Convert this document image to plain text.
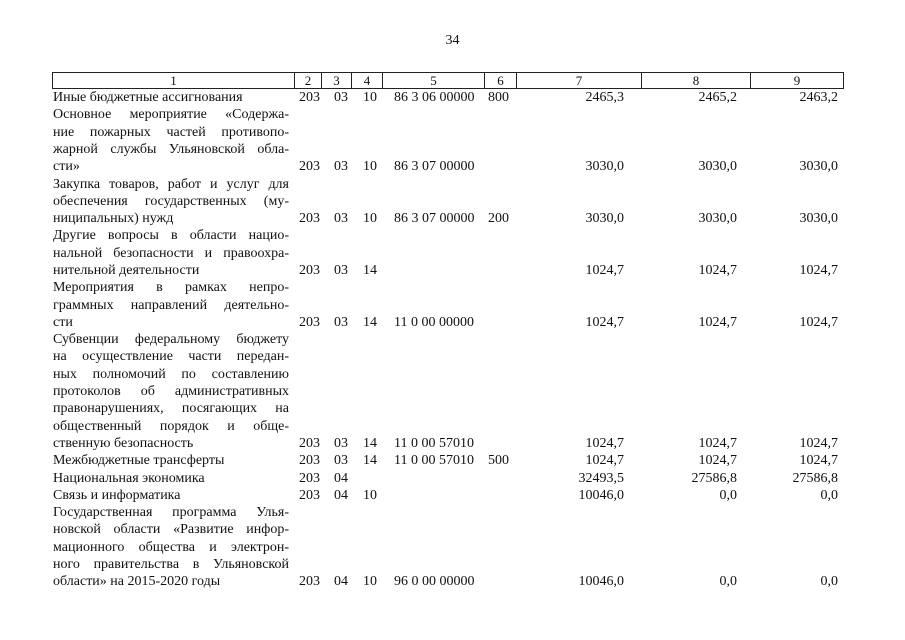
34
1	2	3	4	5	6	7	8	9
Иные бюджетные ассигнования	203 03 10 86 3 06 00000 800	2465,3	2465,2	2463,2
Основное мероприятие «Содержа-
ние пожарных частей противопо-
жарной службы Ульяновской обла-
сти»	203 03 10 86 3 07 00000	3030,0	3030,0	3030,0
Закупка товаров, работ и услуг для
обеспечения государственных (му-
ниципальных) нужд	203 03 10 86 3 07 00000 200	3030,0	3030,0	3030,0
Другие вопросы в области нацио-
нальной безопасности и правоохра-
нительной деятельности	203 03 14	1024,7	1024,7	1024,7
Мероприятия в рамках непро-
граммных направлений деятельно-
сти	203 03 14 11 0 00 00000	1024,7	1024,7	1024,7
Субвенции федеральному бюджету
на осуществление части передан-
ных полномочий по составлению
протоколов об административных
правонарушениях, посягающих на
общественный порядок и обще-
ственную безопасность	203 03 14 11 0 00 57010	1024,7	1024,7	1024,7
Межбюджетные трансферты	203 03 14 11 0 00 57010 500	1024,7	1024,7	1024,7
Национальная экономика	203 04	32493,5	27586,8	27586,8
Связь и информатика	203 04 10	10046,0	0,0	0,0
Государственная программа Улья-
новской области «Развитие инфор-
мационного общества и электрон-
ного правительства в Ульяновской
области» на 2015-2020 годы	203 04 10 96 0 00 00000	10046,0	0,0	0,0
